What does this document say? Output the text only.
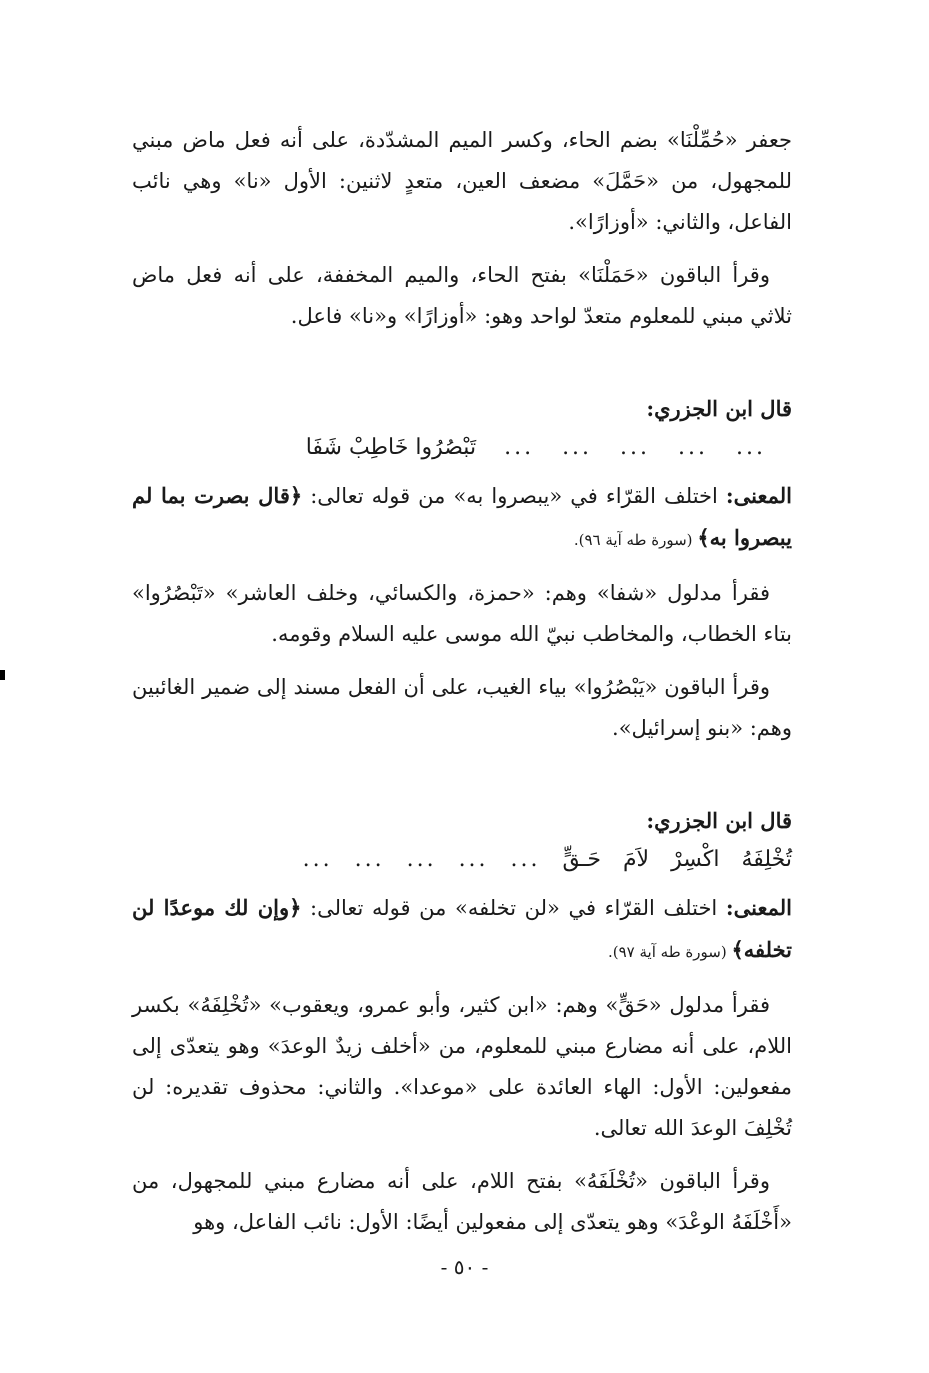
جعفر «حُمِّلْنَا» بضم الحاء، وكسر الميم المشدّدة، على أنه فعل ماض مبني للمجهول، من «حَمَّلَ» مضعف العين، متعدٍ لاثنين: الأول «نا» وهي نائب الفاعل، والثاني: «أوزارًا».

وقرأ الباقون «حَمَلْنَا» بفتح الحاء، والميم المخففة، على أنه فعل ماض ثلاثي مبني للمعلوم متعدّ لواحد وهو: «أوزارًا» و«نا» فاعل.

قال ابن الجزري:

...
...
...
...
...
تَبْصُرُوا خَاطِبْ شَفَا

المعنى: اختلف القرّاء في «يبصروا به» من قوله تعالى: ﴿قال بصرت بما لم يبصروا به﴾ (سورة طه آية ٩٦).

فقرأ مدلول «شفا» وهم: «حمزة، والكسائي، وخلف العاشر» «تَبْصُرُوا» بتاء الخطاب، والمخاطب نبيّ الله موسى عليه السلام وقومه.

وقرأ الباقون «يَبْصُرُوا» بياء الغيب، على أن الفعل مسند إلى ضمير الغائبين وهم: «بنو إسرائيل».

قال ابن الجزري:

تُخْلِفَهُ
اكْسِرْ
لاَمَ
حَـقٍّ
...
...
...
...
...

المعنى: اختلف القرّاء في «لن تخلفه» من قوله تعالى: ﴿وإن لك موعدًا لن تخلفه﴾ (سورة طه آية ٩٧).

فقرأ مدلول «حَقٍّ» وهم: «ابن كثير، وأبو عمرو، ويعقوب» «تُخْلِفَهُ» بكسر اللام، على أنه مضارع مبني للمعلوم، من «أخلف زيدٌ الوعدَ» وهو يتعدّى إلى مفعولين: الأول: الهاء العائدة على «موعدا». والثاني: محذوف تقديره: لن تُخْلِفَ الوعدَ الله تعالى.

وقرأ الباقون «تُخْلَفَهُ» بفتح اللام، على أنه مضارع مبني للمجهول، من «أَخْلَفَهُ الوعْدَ» وهو يتعدّى إلى مفعولين أيضًا: الأول: نائب الفاعل، وهو

- ٥٠ -
